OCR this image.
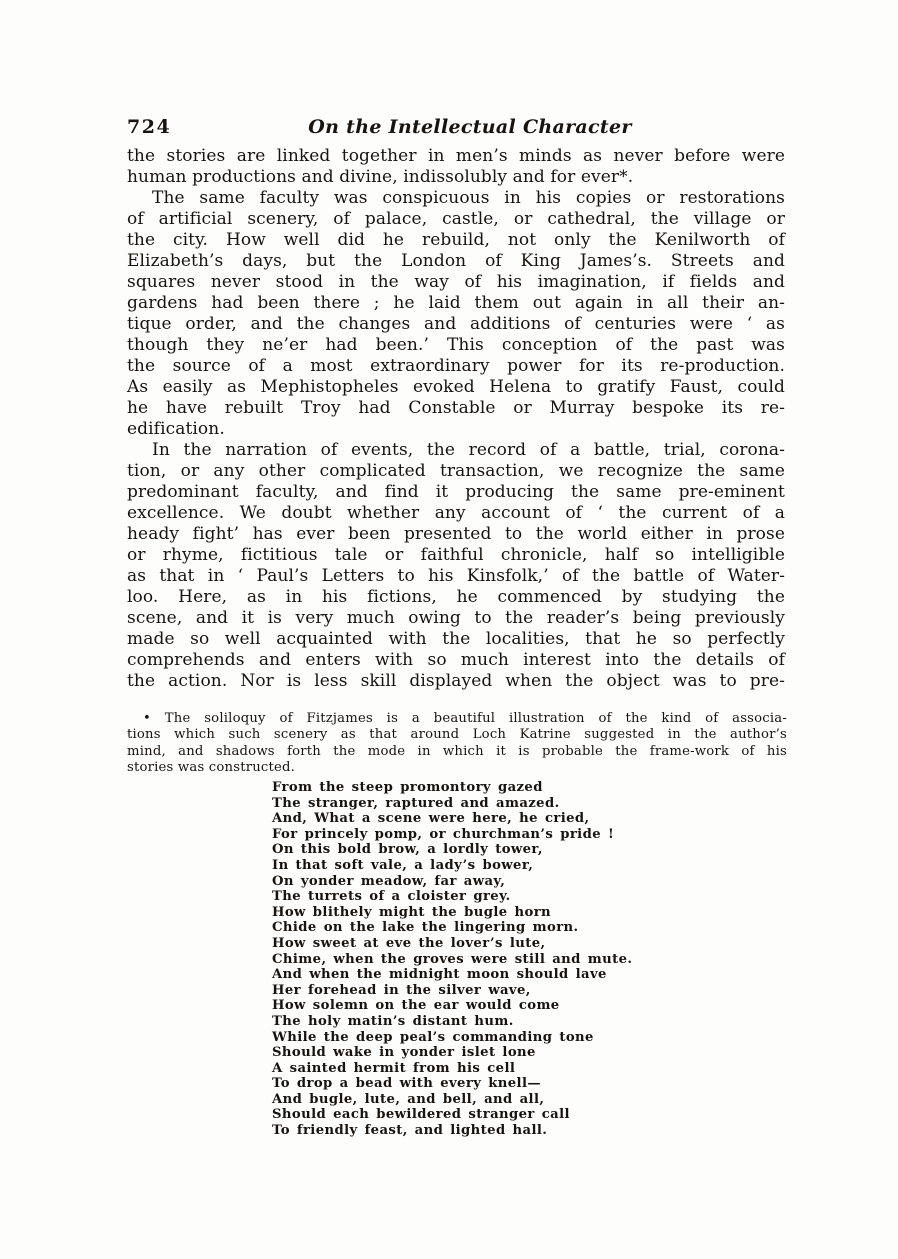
724	On the Intellectual Character
the stories are linked together in men’s minds as never before were
human productions and divine, indissolubly and for ever*.
The same faculty was conspicuous in his copies or restorations
of artificial scenery, of palace, castle, or cathedral, the village or
the city. How well did he rebuild, not only the Kenilworth of
Elizabeth’s days, but the London of King James’s. Streets and
squares never stood in the way of his imagination, if fields and
gardens had been there ; he laid them out again in all their an-
tique order, and the changes and additions of centuries were ‘ as
though they ne’er had been.’ This conception of the past was
the source of a most extraordinary power for its re-production.
As easily as Mephistopheles evoked Helena to gratify Faust, could
he have rebuilt Troy had Constable or Murray bespoke its re-
edification.
In the narration of events, the record of a battle, trial, corona-
tion, or any other complicated transaction, we recognize the same
predominant faculty, and find it producing the same pre-eminent
excellence. We doubt whether any account of ‘ the current of a
heady fight’ has ever been presented to the world either in prose
or rhyme, fictitious tale or faithful chronicle, half so intelligible
as that in ‘ Paul’s Letters to his Kinsfolk,’ of the battle of Water-
loo. Here, as in his fictions, he commenced by studying the
scene, and it is very much owing to the reader’s being previously
made so well acquainted with the localities, that he so perfectly
comprehends and enters with so much interest into the details of
the action. Nor is less skill displayed when the object was to pre-
• The soliloquy of Fitzjames is a beautiful illustration of the kind of associa-
tions which such scenery as that around Loch Katrine suggested in the author’s
mind, and shadows forth the mode in which it is probable the frame-work of his
stories was constructed.
From the steep promontory gazed
The stranger, raptured and amazed.
And, What a scene were here, he cried,
For princely pomp, or churchman’s pride !
On this bold brow, a lordly tower,
In that soft vale, a lady’s bower,
On yonder meadow, far away,
The turrets of a cloister grey.
How blithely might the bugle horn
Chide on the lake the lingering morn.
How sweet at eve the lover’s lute,
Chime, when the groves were still and mute.
And when the midnight moon should lave
Her forehead in the silver wave,
How solemn on the ear would come
The holy matin’s distant hum.
While the deep peal’s commanding tone
Should wake in yonder islet lone
A sainted hermit from his cell
To drop a bead with every knell—
And bugle, lute, and bell, and all,
Should each bewildered stranger call
To friendly feast, and lighted hall.
